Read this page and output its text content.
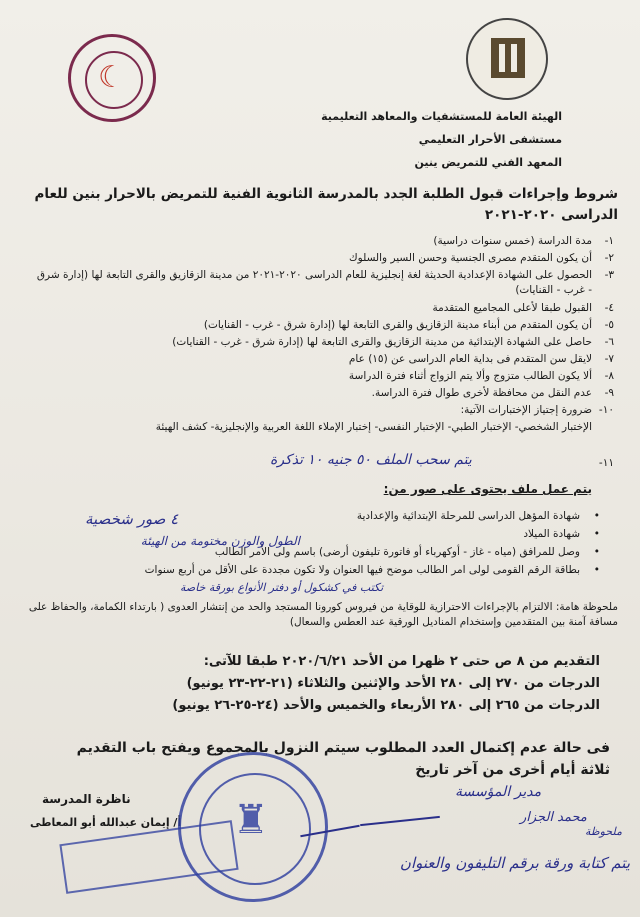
☾
الهيئة العامة للمستشفيات والمعاهد التعليمية
مستشفى الأحرار التعليمي
المعهد الفني للتمريض ينين
شروط وإجراءات قبول الطلبة الجدد بالمدرسة الثانوية الفنية للتمريض بالاحرار بنين للعام الدراسى ٢٠٢٠-٢٠٢١
١-
مدة الدراسة (خمس سنوات دراسية)
٢-
أن يكون المتقدم مصرى الجنسية وحسن السير والسلوك
٣-
الحصول على الشهادة الإعدادية الحديثة لغة إنجليزية للعام الدراسى ٢٠٢٠-٢٠٢١ من مدينة الزقازيق والقرى التابعة لها (إدارة شرق - غرب - القنايات)
٤-
القبول طبقا لأعلى المجاميع المتقدمة
٥-
أن يكون المتقدم من أبناء مدينة الزقازيق والقرى التابعة لها (إدارة شرق - غرب - القنايات)
٦-
حاصل على الشهادة الإبتدائية من مدينة الزقازيق والقرى التابعة لها (إدارة شرق - غرب - القنايات)
٧-
لايقل سن المتقدم فى بداية العام الدراسى عن (١٥) عام
٨-
ألا يكون الطالب متزوج وألا يتم الزواج أثناء فترة الدراسة
٩-
عدم النقل من محافظة لأخرى طوال فترة الدراسة.
١٠-
ضرورة إجتياز الإختبارات الآتية:
الإختبار الشخصي- الإختبار الطبي- الإختبار النفسى- إختبار الإملاء اللغة العربية والإنجليزية- كشف الهيئة
١١-
يتم سحب الملف ٥٠ جنيه ١٠ تذكرة
يتم عمل ملف يحتوى على صور من:
شهادة المؤهل الدراسى للمرحلة الإبتدائية والإعدادية •
شهادة الميلاد •
وصل للمرافق (مياه - غاز - أوكهرباء أو فاتورة تليفون أرضى) باسم ولى الأمر الطالب •
بطاقة الرقم القومى لولى امر الطالب موضح فيها العنوان ولا تكون مجددة على الأقل من أربع سنوات •
٤ صور شخصية
الطول والوزن مختومة من الهيئة
تكتب في كشكول أو دفتر الأنواع بورقة خاصة
ملحوظة هامة: الالتزام بالإجراءات الاحترازية للوقاية من فيروس كورونا المستجد والحد من إنتشار العدوى ( بارتداء الكمامة، والحفاظ على مسافة آمنة بين المتقدمين وإستخدام المناديل الورقية عند العطس والسعال)
التقديم من ٨ ص حتى ٢ ظهرا من الأحد ٢٠٢٠/٦/٢١ طبقا للآتى:
الدرجات من ٢٧٠ إلى ٢٨٠ الأحد والإثنين والثلاثاء (٢١-٢٢-٢٣ يونيو)
الدرجات من ٢٦٥ إلى ٢٨٠ الأربعاء والخميس والأحد (٢٤-٢٥-٢٦ يونيو)
فى حالة عدم إكتمال العدد المطلوب سيتم النزول بالمجموع ويفتح باب التقديم
ثلاثة أيام أخرى من آخر تاريخ
مدير المؤسسة
محمد الجزار
ناظرة المدرسة
أ/ إيمان عبدالله أبو المعاطى ♜	ملحوظة
يتم كتابة ورقة برقم التليفون والعنوان
